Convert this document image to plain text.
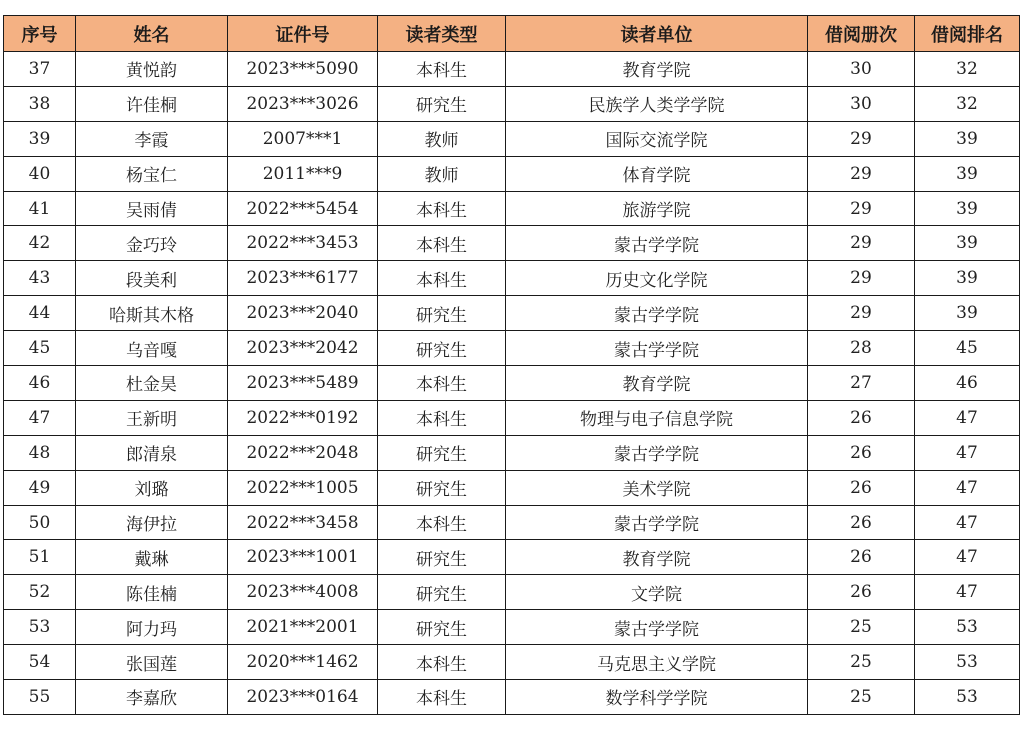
序号	姓名	证件号	读者类型	读者单位	借阅册次	借阅排名
37	黄悦韵	2023***5090	本科生	教育学院	30	32
38	许佳桐	2023***3026	研究生	民族学人类学学院	30	32
39	李霞	2007***1	教师	国际交流学院	29	39
40	杨宝仁	2011***9	教师	体育学院	29	39
41	吴雨倩	2022***5454	本科生	旅游学院	29	39
42	金巧玲	2022***3453	本科生	蒙古学学院	29	39
43	段美利	2023***6177	本科生	历史文化学院	29	39
44	哈斯其木格	2023***2040	研究生	蒙古学学院	29	39
45	乌音嘎	2023***2042	研究生	蒙古学学院	28	45
46	杜金昊	2023***5489	本科生	教育学院	27	46
47	王新明	2022***0192	本科生	物理与电子信息学院	26	47
48	郎清泉	2022***2048	研究生	蒙古学学院	26	47
49	刘璐	2022***1005	研究生	美术学院	26	47
50	海伊拉	2022***3458	本科生	蒙古学学院	26	47
51	戴琳	2023***1001	研究生	教育学院	26	47
52	陈佳楠	2023***4008	研究生	文学院	26	47
53	阿力玛	2021***2001	研究生	蒙古学学院	25	53
54	张国莲	2020***1462	本科生	马克思主义学院	25	53
55	李嘉欣	2023***0164	本科生	数学科学学院	25	53
